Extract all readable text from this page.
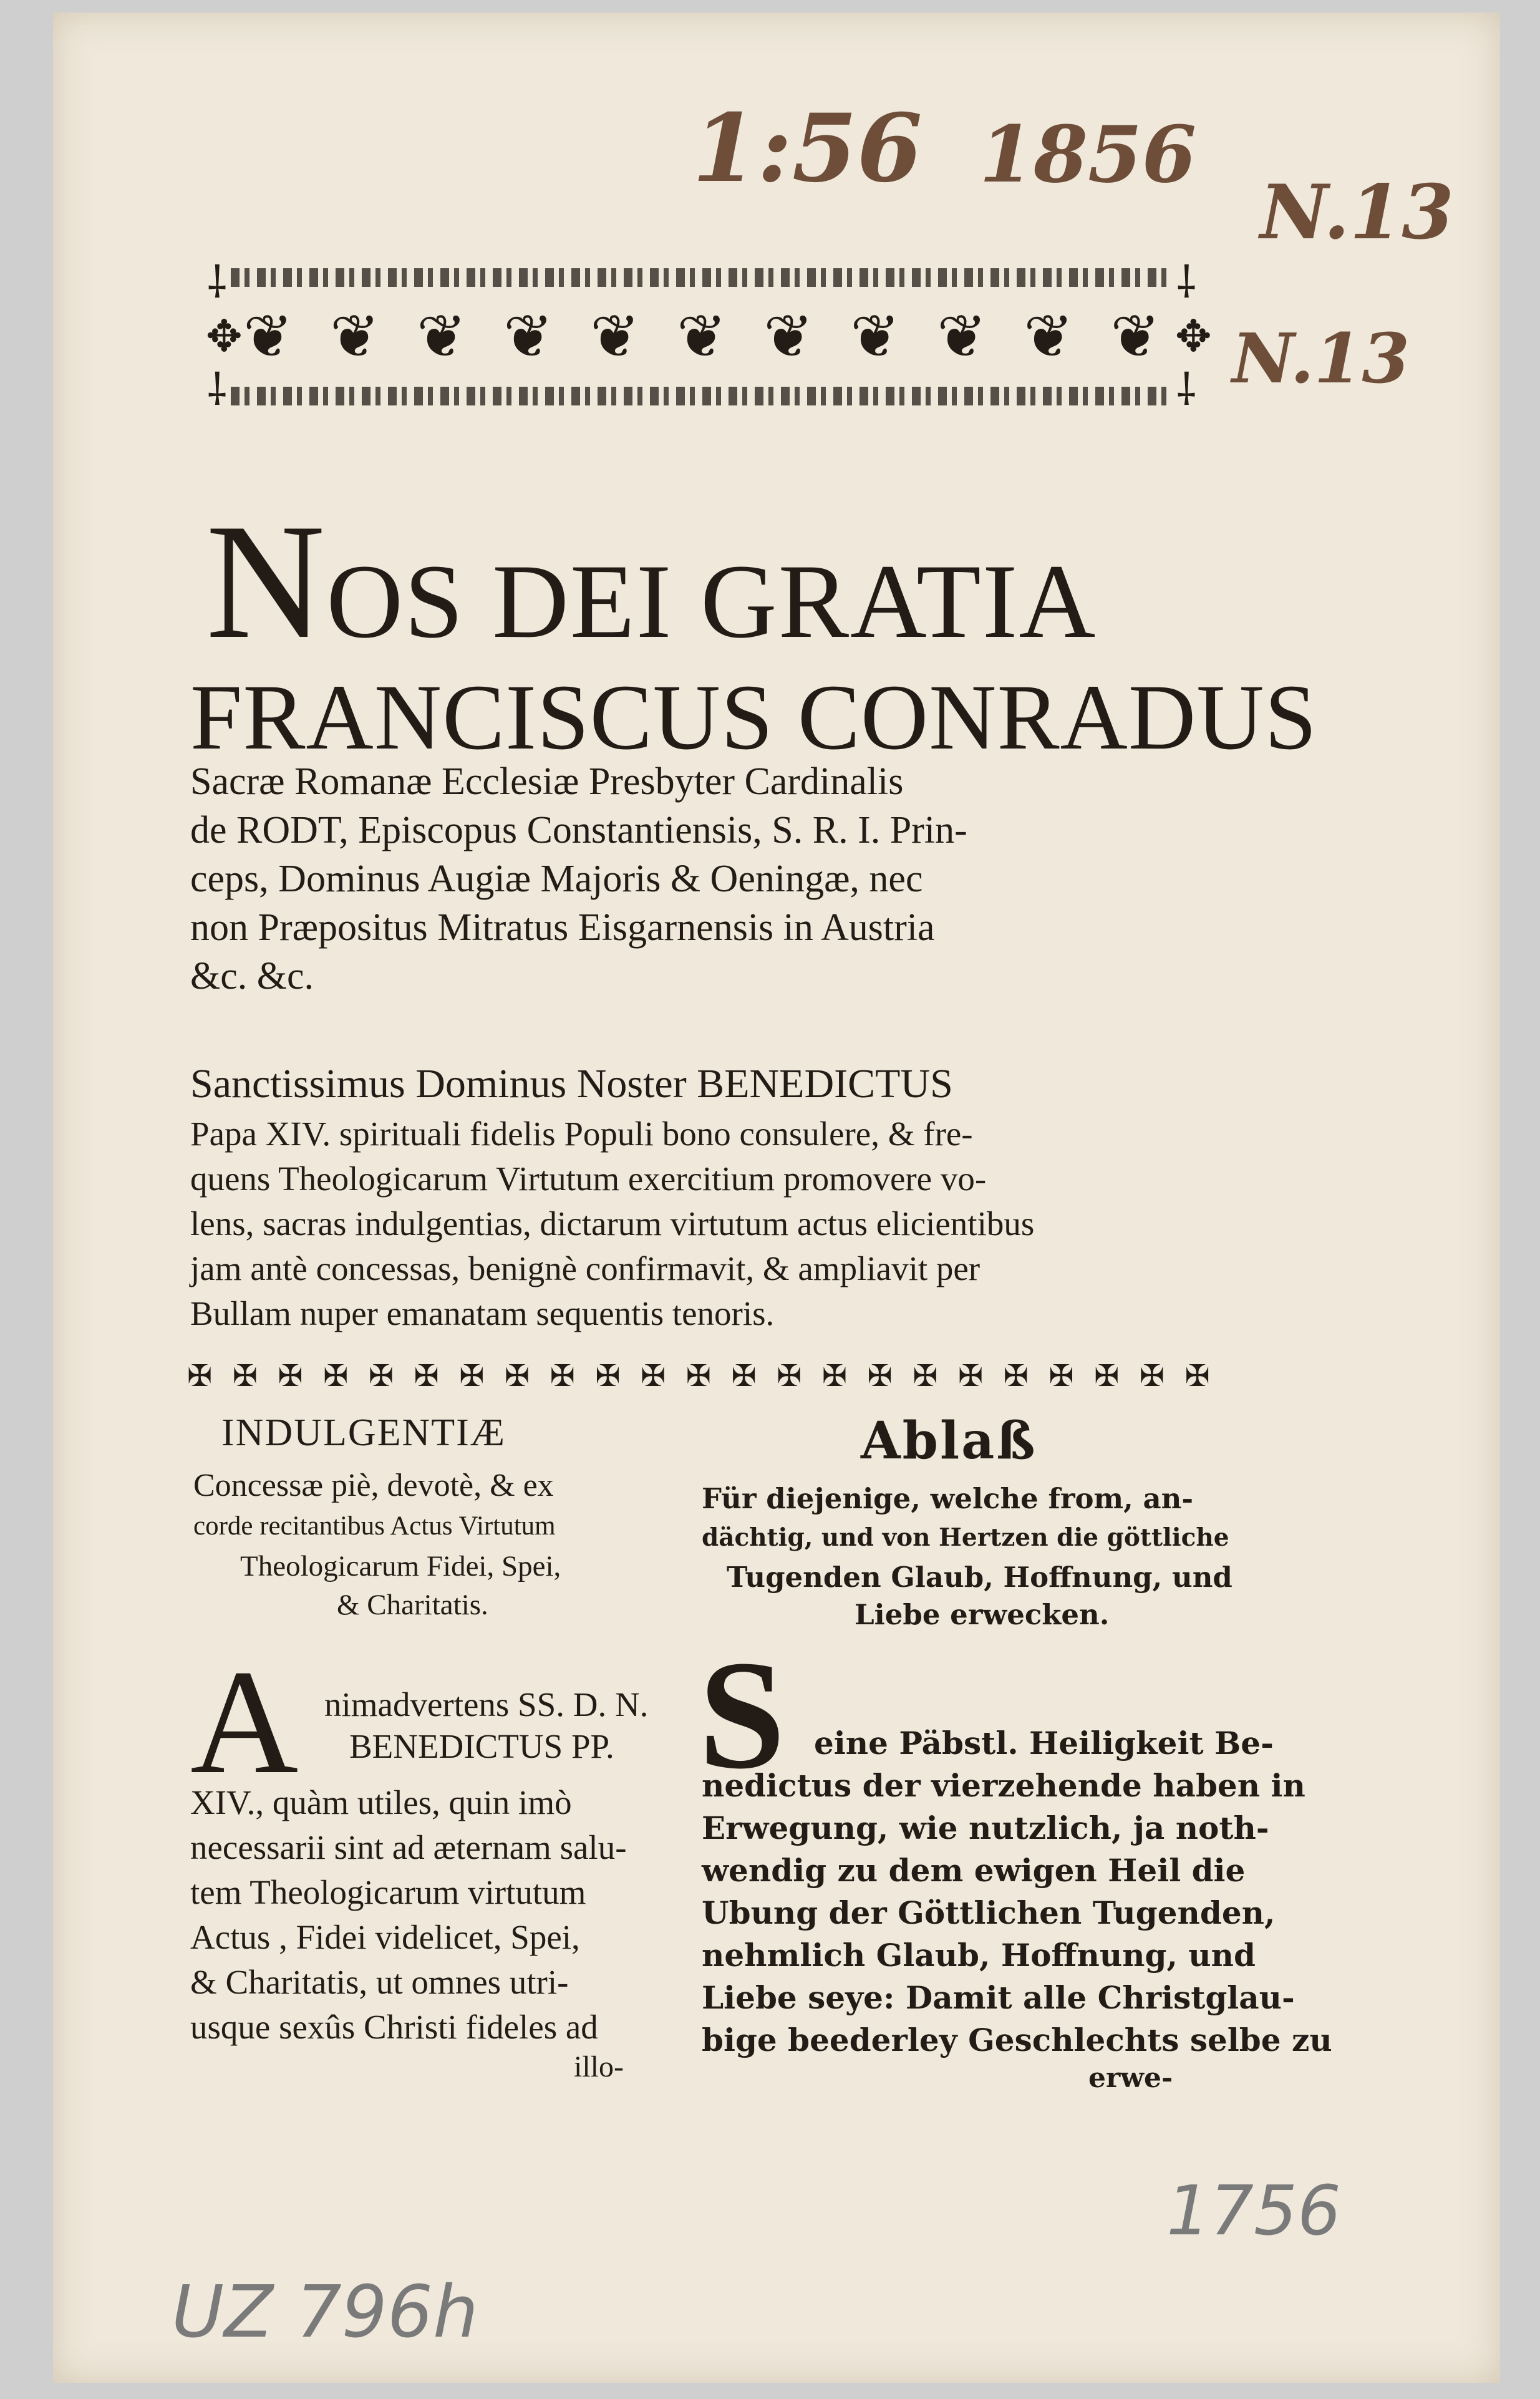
1:56 1856
N.13
N.13
⸸
✥
⸸
❦ ❦ ❦ ❦ ❦ ❦ ❦ ❦ ❦ ❦ ❦
⸸
✥
⸸
NOS DEI GRATIA
FRANCISCUS CONRADUS
Sacræ Romanæ Ecclesiæ Presbyter Cardinalis
de RODT, Episcopus Constantiensis, S. R. I. Prin-
ceps, Dominus Augiæ Majoris & Oeningæ, nec
non Præpositus Mitratus Eisgarnensis in Austria
&c. &c.
Sanctissimus Dominus Noster BENEDICTUS
Papa XIV. spirituali fidelis Populi bono consulere, & fre-
quens Theologicarum Virtutum exercitium promovere vo-
lens, sacras indulgentias, dictarum virtutum actus elicientibus
jam antè concessas, benignè confirmavit, & ampliavit per
Bullam nuper emanatam sequentis tenoris.
✠ ✠ ✠ ✠ ✠ ✠ ✠ ✠ ✠ ✠ ✠ ✠ ✠ ✠ ✠ ✠ ✠ ✠ ✠ ✠ ✠ ✠ ✠
INDULGENTIÆ
Concessæ piè, devotè, & ex
corde recitantibus Actus Virtutum
Theologicarum Fidei, Spei,
& Charitatis.
A nimadvertens SS. D. N.
BENEDICTUS PP.
XIV., quàm utiles, quin imò
necessarii sint ad æternam salu-
tem Theologicarum virtutum
Actus , Fidei videlicet, Spei,
& Charitatis, ut omnes utri-
usque sexûs Christi fideles ad
illo-
Ablaß
Für diejenige, welche from, an-
dächtig, und von Hertzen die göttliche
Tugenden Glaub, Hoffnung, und
Liebe erwecken.
S eine Päbstl. Heiligkeit Be-
nedictus der vierzehende haben in
Erwegung, wie nutzlich, ja noth-
wendig zu dem ewigen Heil die
Ubung der Göttlichen Tugenden,
nehmlich Glaub, Hoffnung, und
Liebe seye: Damit alle Christglau-
bige beederley Geschlechts selbe zu
erwe-
1756
UZ 796h
